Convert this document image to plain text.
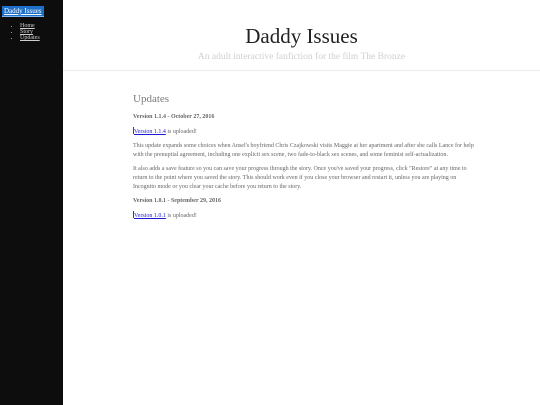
Daddy Issues
• Home
• Story
• Updates	Daddy Issues
An adult interactive fanfiction for the film The Bronze
Updates
Version 1.1.4 - October 27, 2016
Version 1.1.4 is uploaded!
This update expands some choices when Ansel's boyfriend Chris Czajkowski visits Maggie at her apartment and after she calls Lance for help with the prenuptial agreement, including one explicit sex scene, two fade-to-black sex scenes, and some feminist self-actualization.
It also adds a save feature so you can save your progress through the story. Once you've saved your progress, click "Restore" at any time to return to the point where you saved the story. This should work even if you close your browser and restart it, unless you are playing on Incognito mode or you clear your cache before you return to the story.
Version 1.0.1 - September 29, 2016
Version 1.0.1 is uploaded!
